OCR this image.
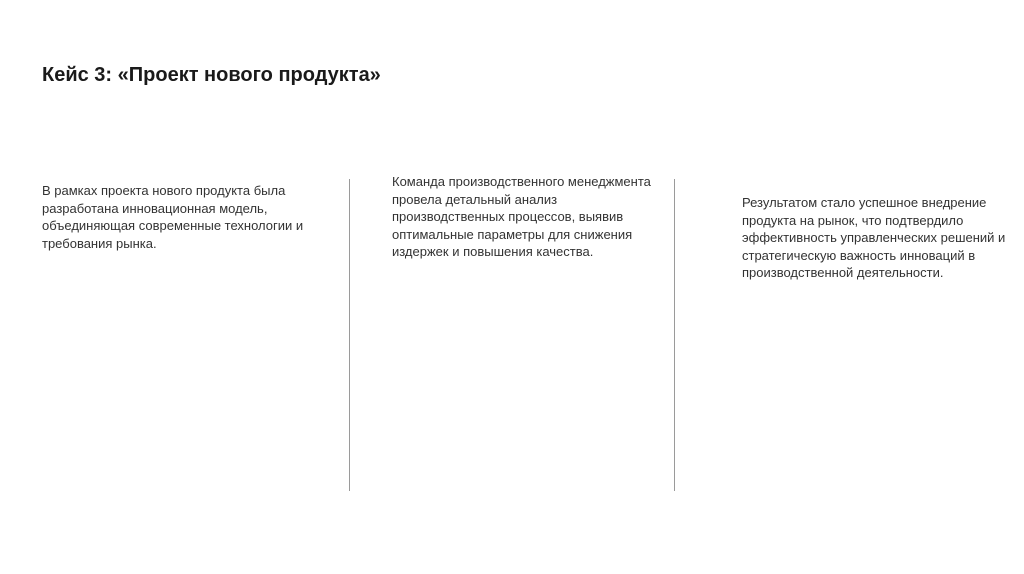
Кейс 3: «Проект нового продукта»

В рамках проекта нового продукта была разработана инновационная модель, объединяющая современные технологии и требования рынка.

Команда производственного менеджмента провела детальный анализ производственных процессов, выявив оптимальные параметры для снижения издержек и повышения качества.

Результатом стало успешное внедрение продукта на рынок, что подтвердило эффективность управленческих решений и стратегическую важность инноваций в производственной деятельности.
